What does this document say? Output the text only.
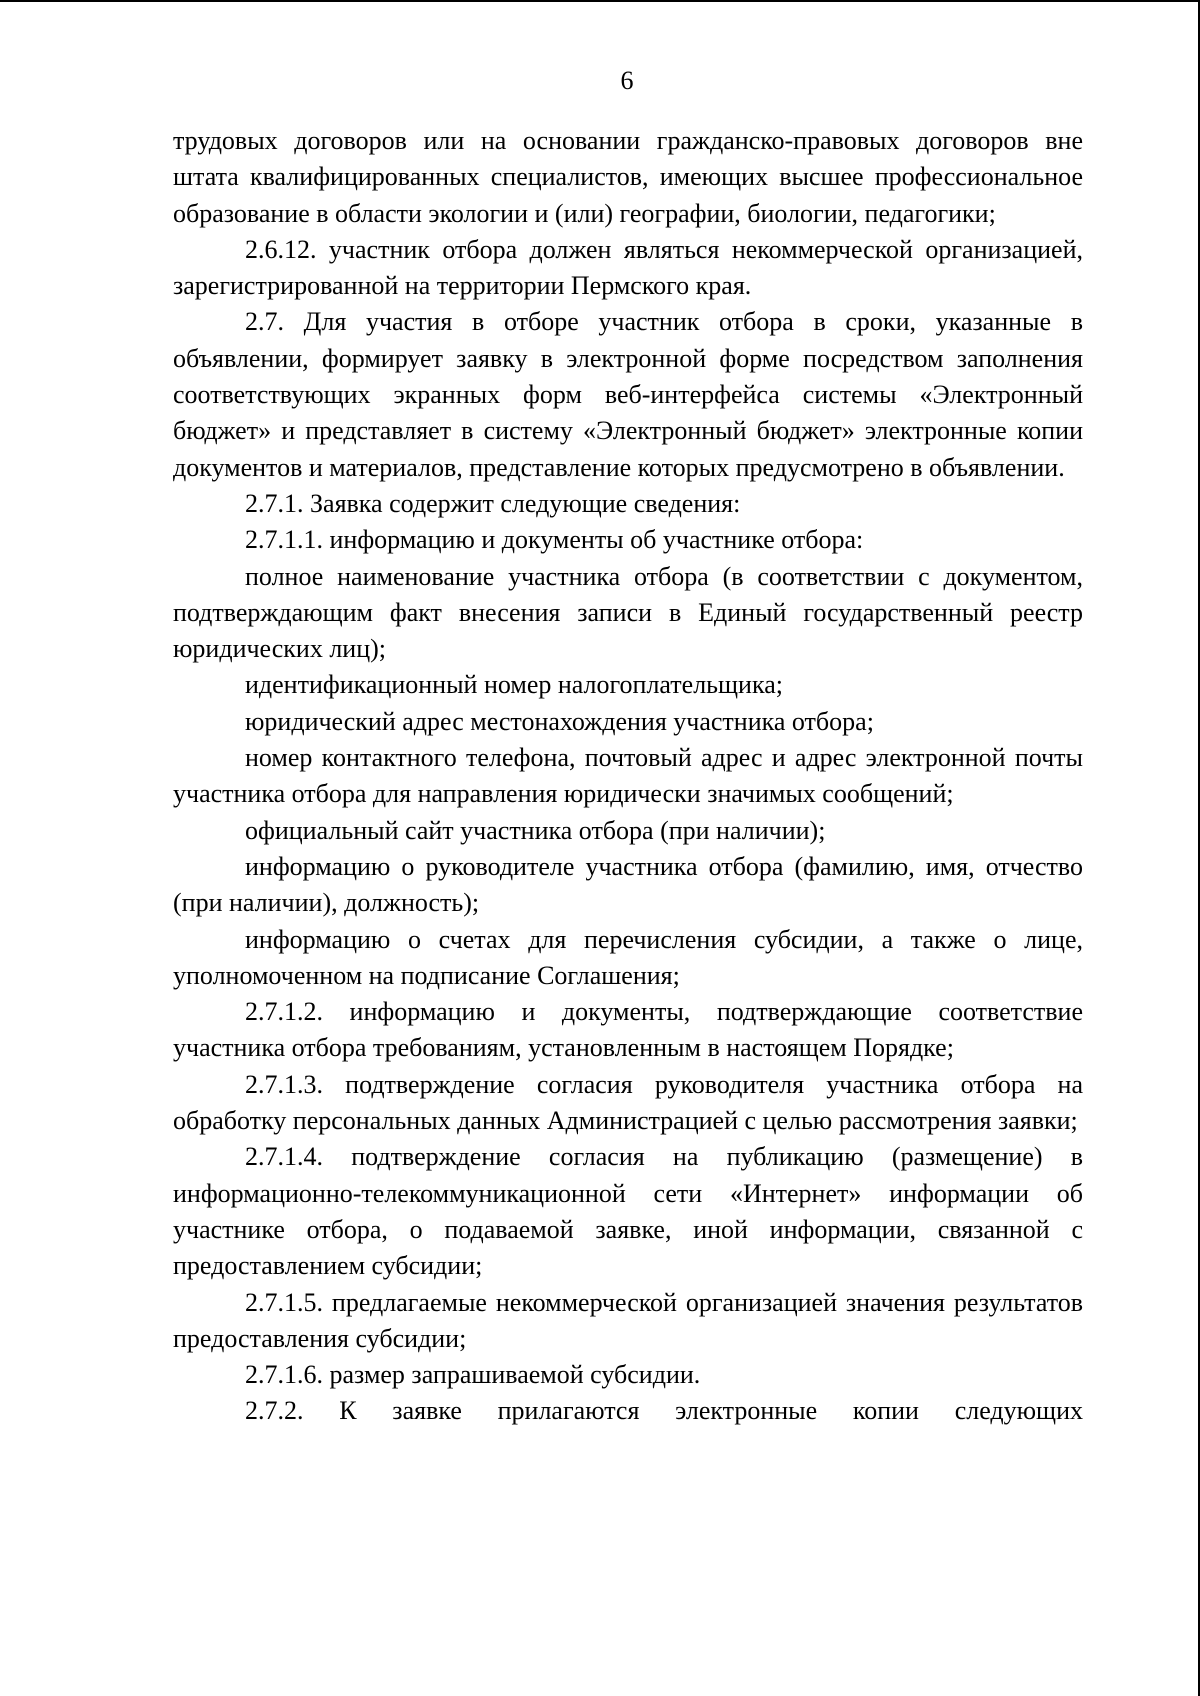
6

трудовых договоров или на основании гражданско-правовых договоров вне штата квалифицированных специалистов, имеющих высшее профессиональное образование в области экологии и (или) географии, биологии, педагогики;

2.6.12. участник отбора должен являться некоммерческой организацией, зарегистрированной на территории Пермского края.

2.7. Для участия в отборе участник отбора в сроки, указанные в объявлении, формирует заявку в электронной форме посредством заполнения соответствующих экранных форм веб-интерфейса системы «Электронный бюджет» и представляет в систему «Электронный бюджет» электронные копии документов и материалов, представление которых предусмотрено в объявлении.

2.7.1. Заявка содержит следующие сведения:

2.7.1.1. информацию и документы об участнике отбора:

полное наименование участника отбора (в соответствии с документом, подтверждающим факт внесения записи в Единый государственный реестр юридических лиц);

идентификационный номер налогоплательщика;

юридический адрес местонахождения участника отбора;

номер контактного телефона, почтовый адрес и адрес электронной почты участника отбора для направления юридически значимых сообщений;

официальный сайт участника отбора (при наличии);

информацию о руководителе участника отбора (фамилию, имя, отчество (при наличии), должность);

информацию о счетах для перечисления субсидии, а также о лице, уполномоченном на подписание Соглашения;

2.7.1.2. информацию и документы, подтверждающие соответствие участника отбора требованиям, установленным в настоящем Порядке;

2.7.1.3. подтверждение согласия руководителя участника отбора на обработку персональных данных Администрацией с целью рассмотрения заявки;

2.7.1.4. подтверждение согласия на публикацию (размещение) в информационно-телекоммуникационной сети «Интернет» информации об участнике отбора, о подаваемой заявке, иной информации, связанной с предоставлением субсидии;

2.7.1.5. предлагаемые некоммерческой организацией значения результатов предоставления субсидии;

2.7.1.6. размер запрашиваемой субсидии.

2.7.2. К заявке прилагаются электронные копии следующих
